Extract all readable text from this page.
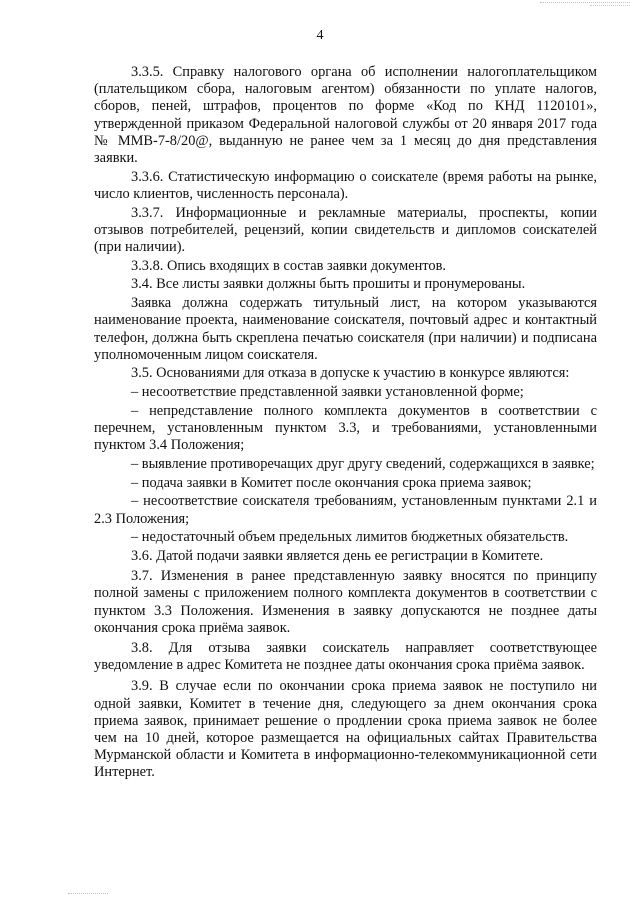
4

3.3.5. Справку налогового органа об исполнении налогоплательщиком (плательщиком сбора, налоговым агентом) обязанности по уплате налогов, сборов, пеней, штрафов, процентов по форме «Код по КНД 1120101», утвержденной приказом Федеральной налоговой службы от 20 января 2017 года № ММВ-7-8/20@, выданную не ранее чем за 1 месяц до дня представления заявки.

3.3.6. Статистическую информацию о соискателе (время работы на рынке, число клиентов, численность персонала).

3.3.7. Информационные и рекламные материалы, проспекты, копии отзывов потребителей, рецензий, копии свидетельств и дипломов соискателей (при наличии).

3.3.8. Опись входящих в состав заявки документов.

3.4. Все листы заявки должны быть прошиты и пронумерованы.

Заявка должна содержать титульный лист, на котором указываются наименование проекта, наименование соискателя, почтовый адрес и контактный телефон, должна быть скреплена печатью соискателя (при наличии) и подписана уполномоченным лицом соискателя.

3.5. Основаниями для отказа в допуске к участию в конкурсе являются:

– несоответствие представленной заявки установленной форме;

– непредставление полного комплекта документов в соответствии с перечнем, установленным пунктом 3.3, и требованиями, установленными пунктом 3.4 Положения;

– выявление противоречащих друг другу сведений, содержащихся в заявке;

– подача заявки в Комитет после окончания срока приема заявок;

– несоответствие соискателя требованиям, установленным пунктами 2.1 и 2.3 Положения;

– недостаточный объем предельных лимитов бюджетных обязательств.

3.6. Датой подачи заявки является день ее регистрации в Комитете.

3.7. Изменения в ранее представленную заявку вносятся по принципу полной замены с приложением полного комплекта документов в соответствии с пунктом 3.3 Положения. Изменения в заявку допускаются не позднее даты окончания срока приёма заявок.

3.8. Для отзыва заявки соискатель направляет соответствующее уведомление в адрес Комитета не позднее даты окончания срока приёма заявок.

3.9. В случае если по окончании срока приема заявок не поступило ни одной заявки, Комитет в течение дня, следующего за днем окончания срока приема заявок, принимает решение о продлении срока приема заявок не более чем на 10 дней, которое размещается на официальных сайтах Правительства Мурманской области и Комитета в информационно-телекоммуникационной сети Интернет.
